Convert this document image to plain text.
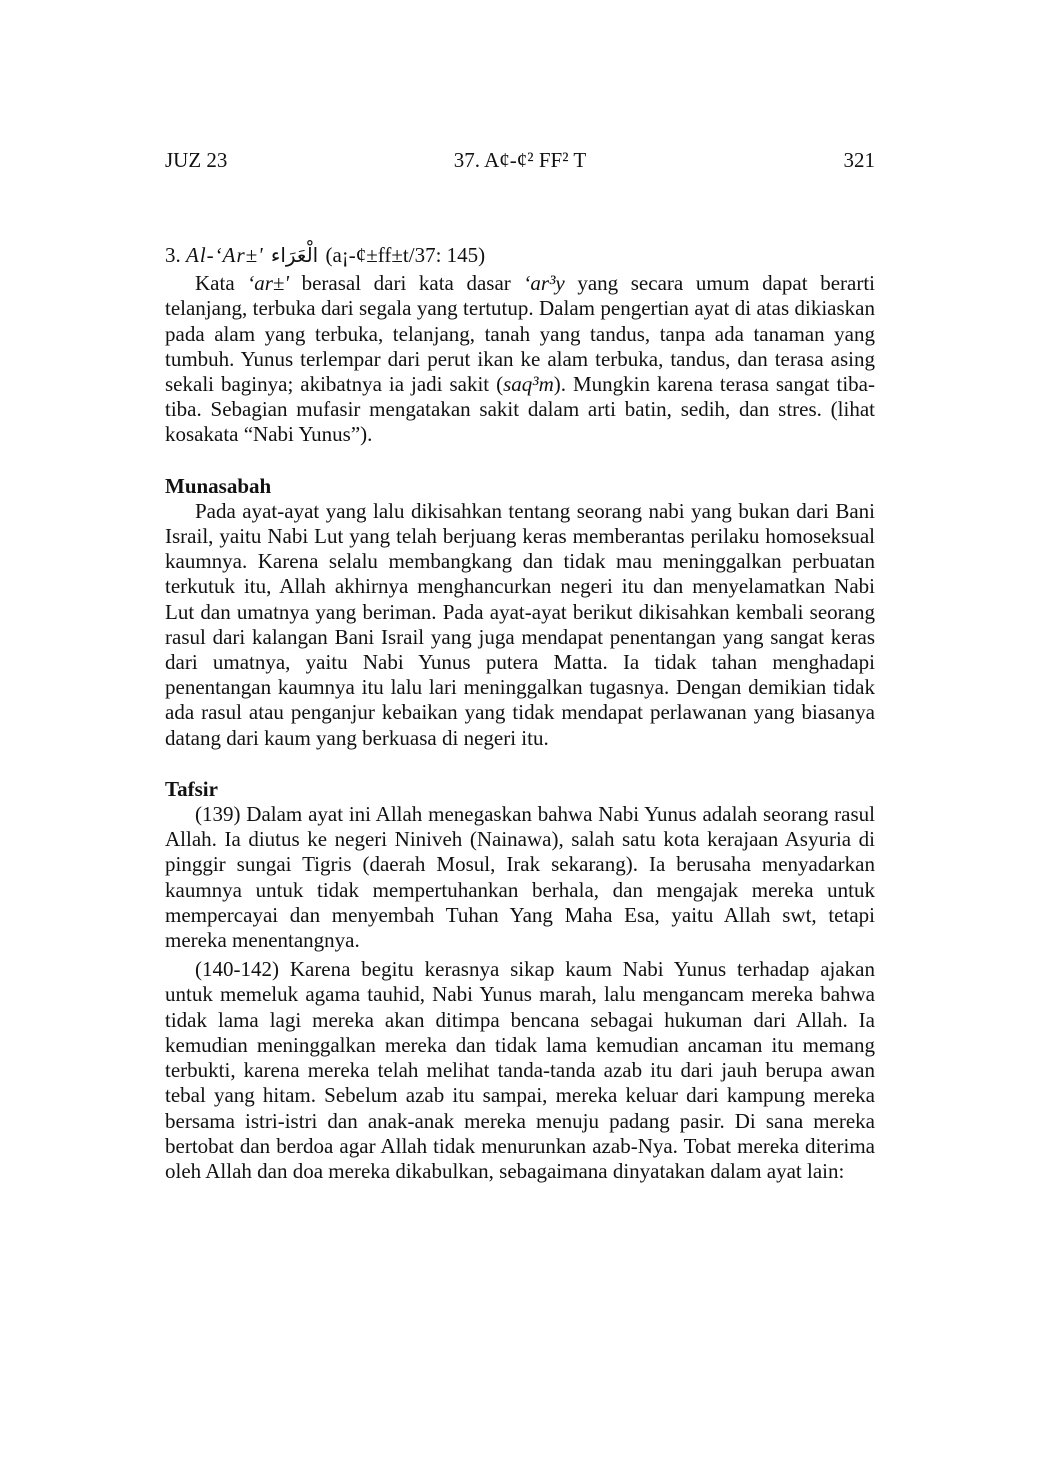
JUZ 23	37. A¢-¢² FF² T	321
3. Al-‘Ar±' الْعَرَاء (a¡-¢±ff±t/37: 145)

Kata ‘ar±' berasal dari kata dasar ‘ar³y yang secara umum dapat berarti telanjang, terbuka dari segala yang tertutup. Dalam pengertian ayat di atas dikiaskan pada alam yang terbuka, telanjang, tanah yang tandus, tanpa ada tanaman yang tumbuh. Yunus terlempar dari perut ikan ke alam terbuka, tandus, dan terasa asing sekali baginya; akibatnya ia jadi sakit (saq³m). Mungkin karena terasa sangat tiba-tiba. Sebagian mufasir mengatakan sakit dalam arti batin, sedih, dan stres. (lihat kosakata “Nabi Yunus”).

Munasabah

Pada ayat-ayat yang lalu dikisahkan tentang seorang nabi yang bukan dari Bani Israil, yaitu Nabi Lut yang telah berjuang keras memberantas perilaku homoseksual kaumnya. Karena selalu membangkang dan tidak mau meninggalkan perbuatan terkutuk itu, Allah akhirnya menghancurkan negeri itu dan menyelamatkan Nabi Lut dan umatnya yang beriman. Pada ayat-ayat berikut dikisahkan kembali seorang rasul dari kalangan Bani Israil yang juga mendapat penentangan yang sangat keras dari umatnya, yaitu Nabi Yunus putera Matta. Ia tidak tahan menghadapi penentangan kaumnya itu lalu lari meninggalkan tugasnya. Dengan demikian tidak ada rasul atau penganjur kebaikan yang tidak mendapat perlawanan yang biasanya datang dari kaum yang berkuasa di negeri itu.

Tafsir

(139) Dalam ayat ini Allah menegaskan bahwa Nabi Yunus adalah seorang rasul Allah. Ia diutus ke negeri Niniveh (Nainawa), salah satu kota kerajaan Asyuria di pinggir sungai Tigris (daerah Mosul, Irak sekarang). Ia berusaha menyadarkan kaumnya untuk tidak mempertuhankan berhala, dan mengajak mereka untuk mempercayai dan menyembah Tuhan Yang Maha Esa, yaitu Allah swt, tetapi mereka menentangnya.

(140-142) Karena begitu kerasnya sikap kaum Nabi Yunus terhadap ajakan untuk memeluk agama tauhid, Nabi Yunus marah, lalu mengancam mereka bahwa tidak lama lagi mereka akan ditimpa bencana sebagai hukuman dari Allah. Ia kemudian meninggalkan mereka dan tidak lama kemudian ancaman itu memang terbukti, karena mereka telah melihat tanda-tanda azab itu dari jauh berupa awan tebal yang hitam. Sebelum azab itu sampai, mereka keluar dari kampung mereka bersama istri-istri dan anak-anak mereka menuju padang pasir. Di sana mereka bertobat dan berdoa agar Allah tidak menurunkan azab-Nya. Tobat mereka diterima oleh Allah dan doa mereka dikabulkan, sebagaimana dinyatakan dalam ayat lain:
